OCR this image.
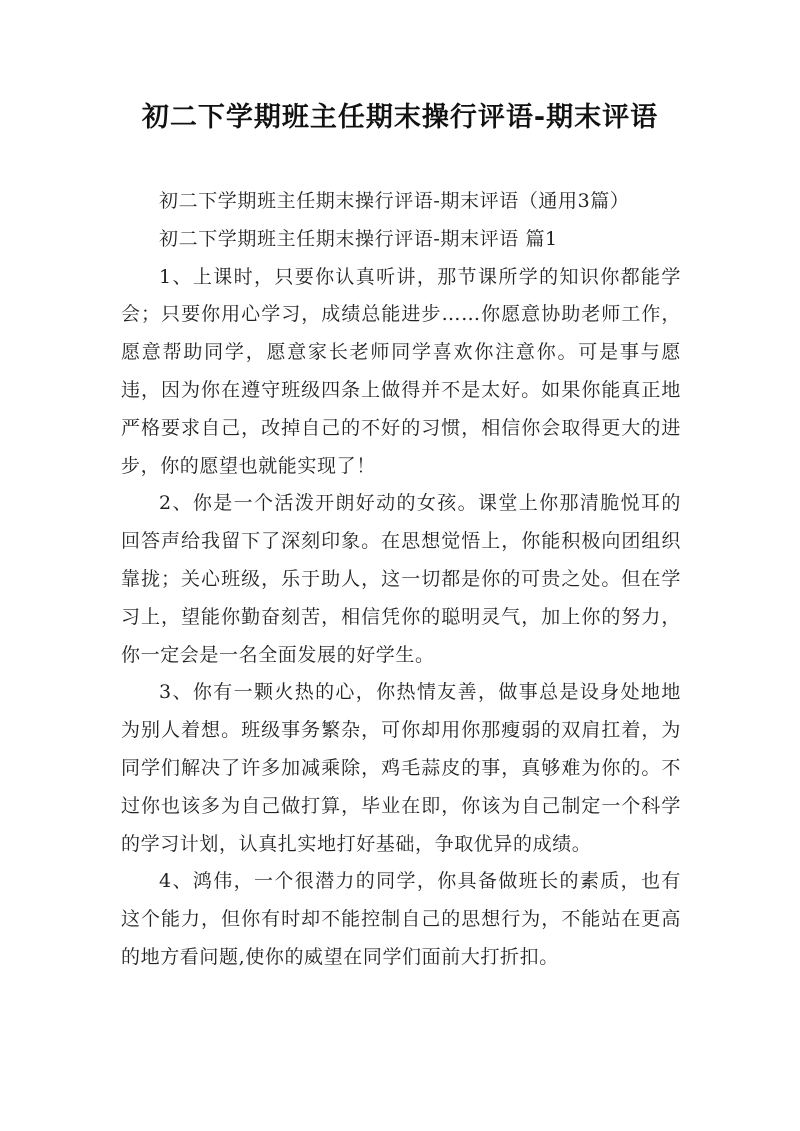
初二下学期班主任期末操行评语-期末评语

初二下学期班主任期末操行评语-期末评语（通用3篇）

初二下学期班主任期末操行评语-期末评语 篇1

1、上课时，只要你认真听讲，那节课所学的知识你都能学会；只要你用心学习，成绩总能进步……你愿意协助老师工作，愿意帮助同学，愿意家长老师同学喜欢你注意你。可是事与愿违，因为你在遵守班级四条上做得并不是太好。如果你能真正地严格要求自己，改掉自己的不好的习惯，相信你会取得更大的进步，你的愿望也就能实现了！

2、你是一个活泼开朗好动的女孩。课堂上你那清脆悦耳的回答声给我留下了深刻印象。在思想觉悟上，你能积极向团组织靠拢；关心班级，乐于助人，这一切都是你的可贵之处。但在学习上，望能你勤奋刻苦，相信凭你的聪明灵气，加上你的努力，你一定会是一名全面发展的好学生。

3、你有一颗火热的心，你热情友善，做事总是设身处地地为别人着想。班级事务繁杂，可你却用你那瘦弱的双肩扛着，为同学们解决了许多加减乘除，鸡毛蒜皮的事，真够难为你的。不过你也该多为自己做打算，毕业在即，你该为自己制定一个科学的学习计划，认真扎实地打好基础，争取优异的成绩。

4、鸿伟，一个很潜力的同学，你具备做班长的素质，也有这个能力，但你有时却不能控制自己的思想行为，不能站在更高的地方看问题,使你的威望在同学们面前大打折扣。
